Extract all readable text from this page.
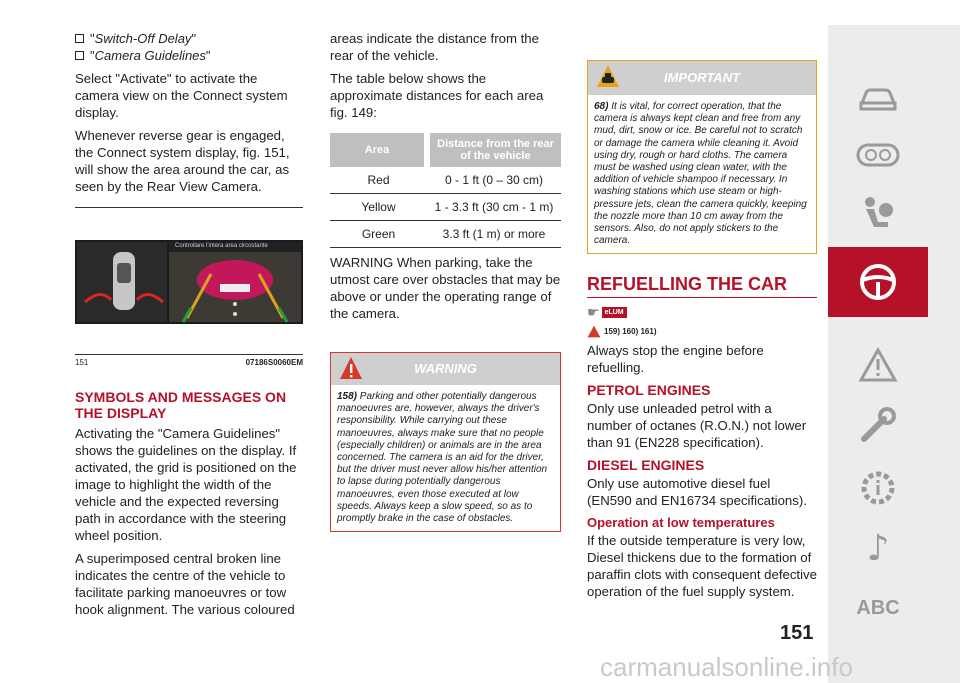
" Switch-Off Delay "
" Camera Guidelines "

Select "Activate" to activate the camera view on the Connect system display.

Whenever reverse gear is engaged, the Connect system display, fig. 151, will show the area around the car, as seen by the Rear View Camera.

Controllare l'intera area circostante
151	07186S0060EM
SYMBOLS AND MESSAGES ON THE DISPLAY

Activating the "Camera Guidelines" shows the guidelines on the display. If activated, the grid is positioned on the image to highlight the width of the vehicle and the expected reversing path in accordance with the steering wheel position.

A superimposed central broken line indicates the centre of the vehicle to facilitate parking manoeuvres or tow hook alignment. The various coloured

areas indicate the distance from the rear of the vehicle.

The table below shows the approximate distances for each area fig. 149:

Area	Distance from the rear of the vehicle
Red	0 - 1 ft (0 – 30 cm)
Yellow	1 - 3.3 ft (30 cm - 1 m)
Green	3.3 ft (1 m) or more

WARNING When parking, take the utmost care over obstacles that may be above or under the operating range of the camera.

WARNING
158) Parking and other potentially dangerous manoeuvres are, however, always the driver's responsibility. While carrying out these manoeuvres, always make sure that no people (especially children) or animals are in the area concerned. The camera is an aid for the driver, but the driver must never allow his/her attention to lapse during potentially dangerous manoeuvres, even those executed at low speeds. Always keep a slow speed, so as to promptly brake in the case of obstacles.
IMPORTANT
68) It is vital, for correct operation, that the camera is always kept clean and free from any mud, dirt, snow or ice. Be careful not to scratch or damage the camera while cleaning it. Avoid using dry, rough or hard cloths. The camera must be washed using clean water, with the addition of vehicle shampoo if necessary. In washing stations which use steam or high-pressure jets, clean the camera quickly, keeping the nozzle more than 10 cm away from the sensors. Also, do not apply stickers to the camera.
REFUELLING THE CAR
☛ eLUM
159) 160) 161)

Always stop the engine before refuelling.

PETROL ENGINES

Only use unleaded petrol with a number of octanes (R.O.N.) not lower than 91 (EN228 specification).

DIESEL ENGINES

Only use automotive diesel fuel (EN590 and EN16734 specifications).

Operation at low temperatures

If the outside temperature is very low, Diesel thickens due to the formation of paraffin clots with consequent defective operation of the fuel supply system.

151
♪
ABC
carmanualsonline.info
